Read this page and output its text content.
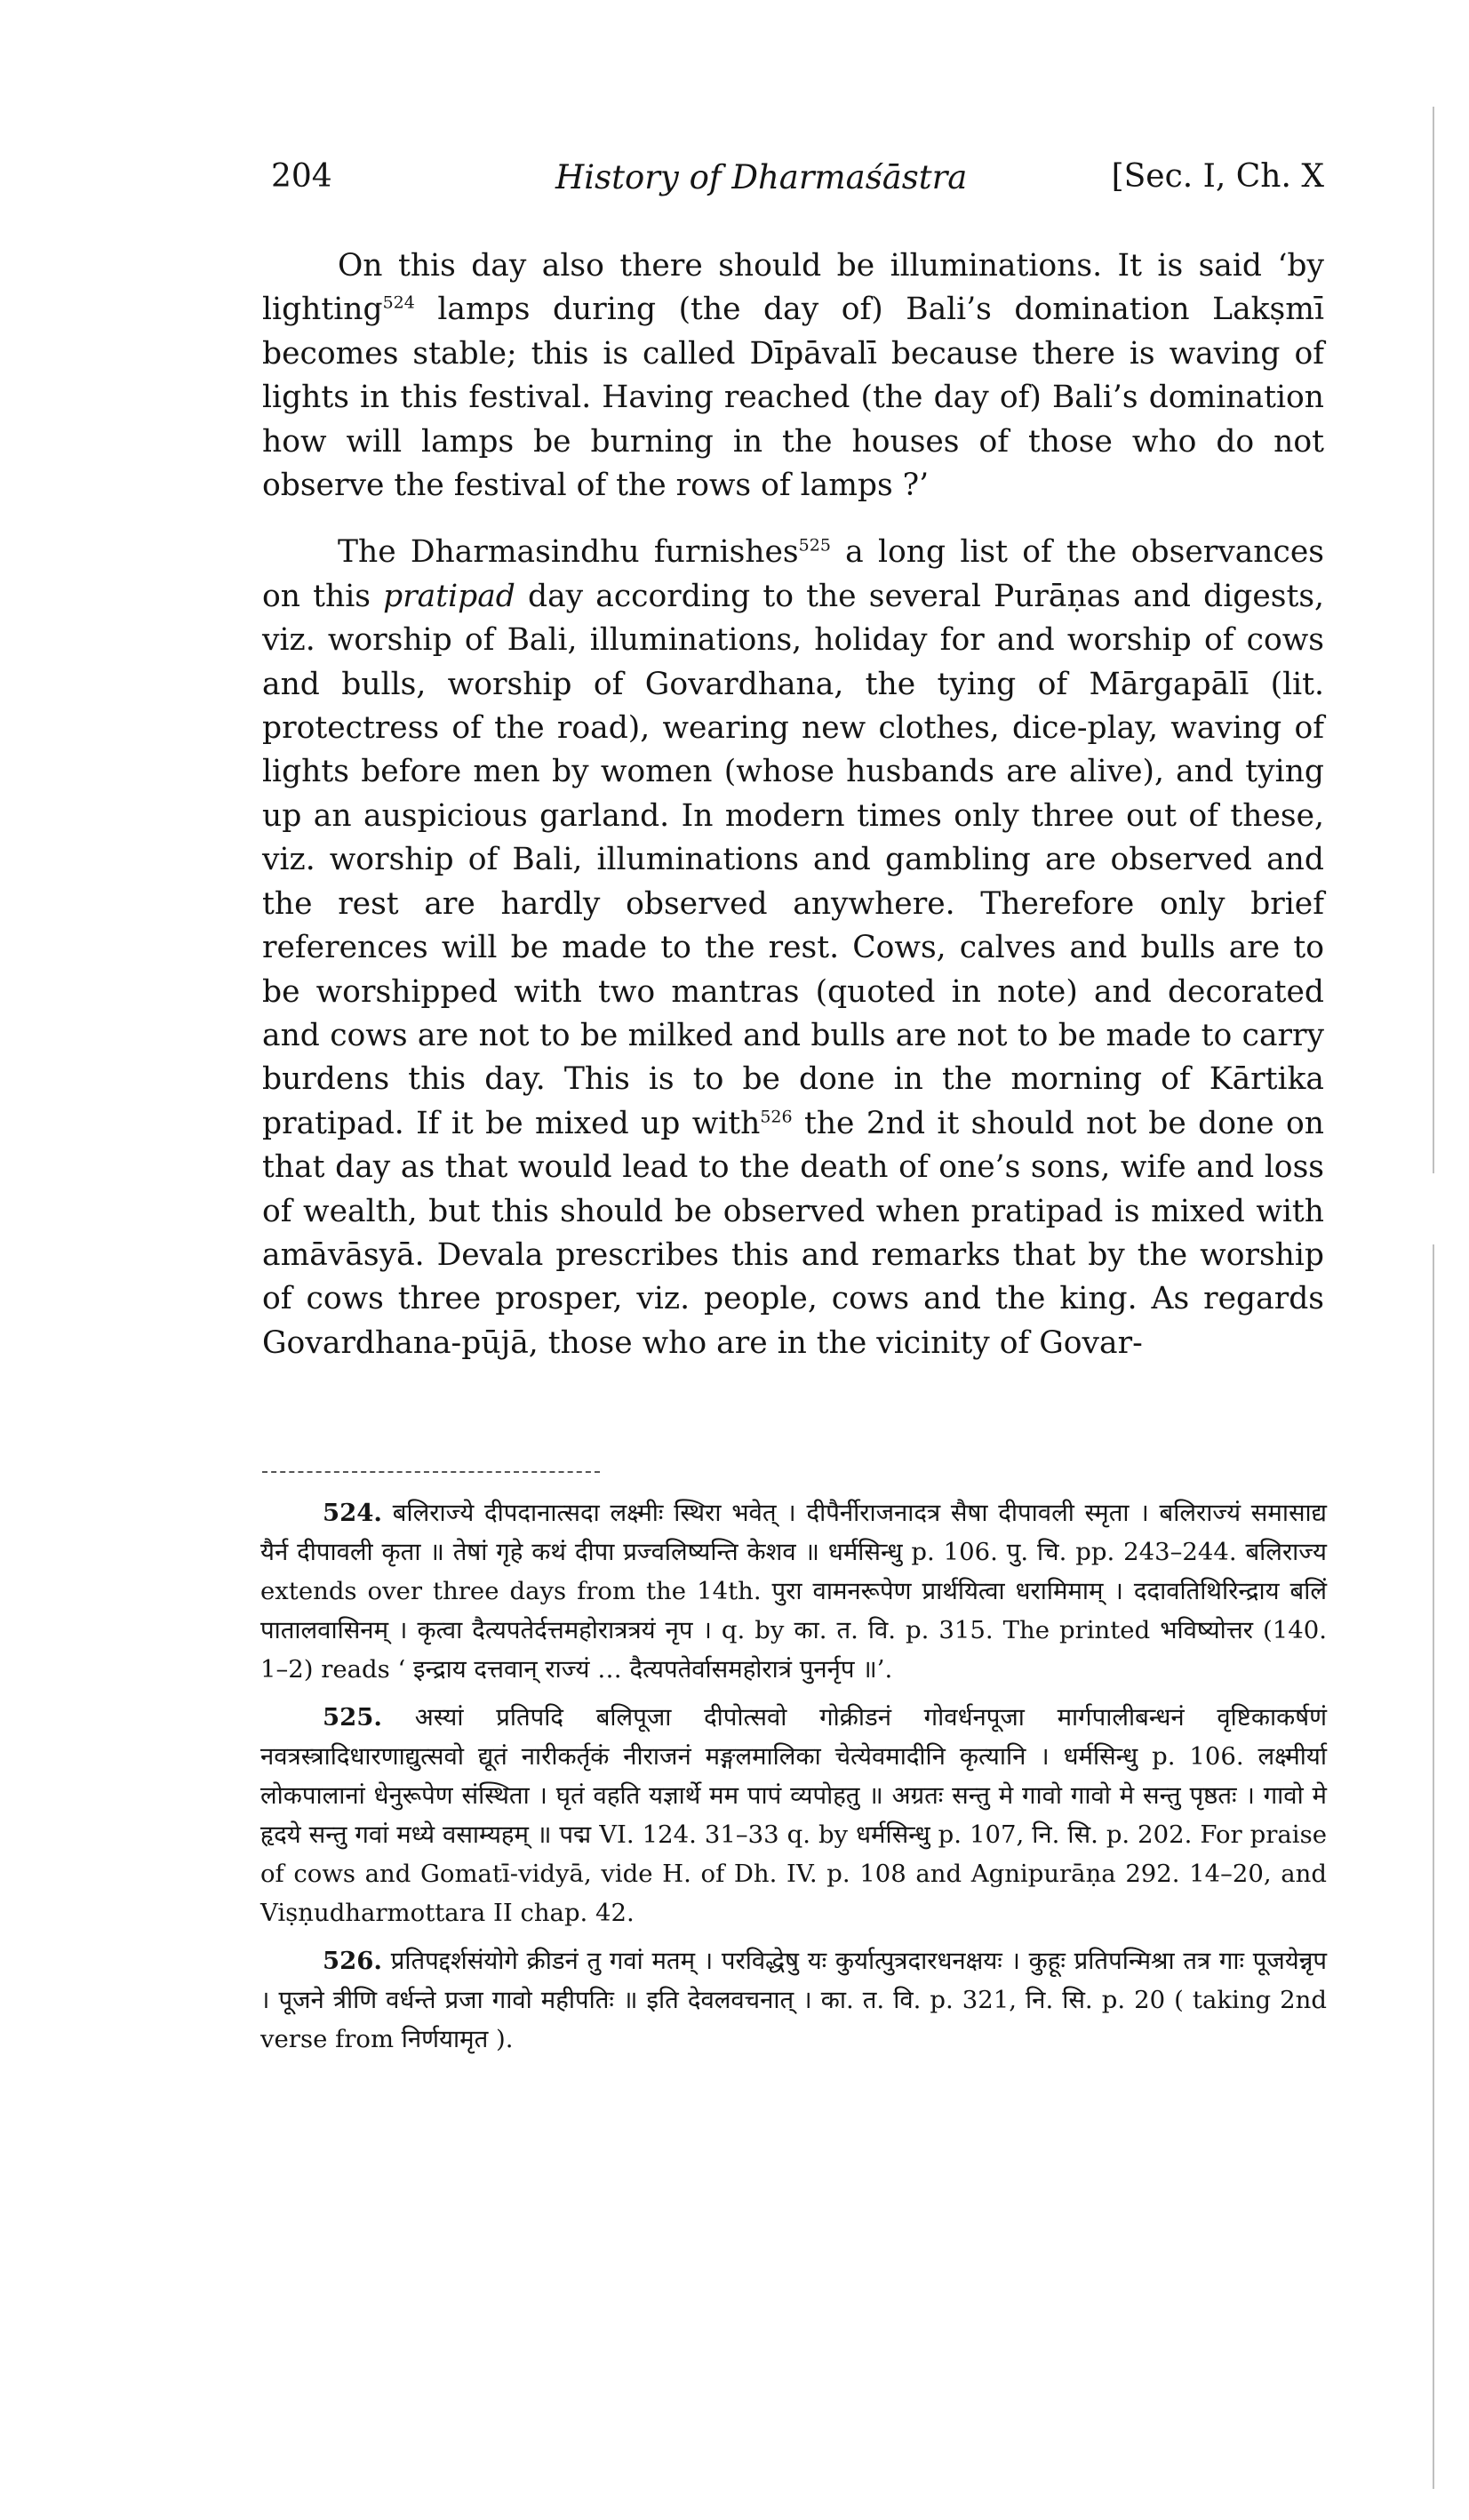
204	History of Dharmaśāstra	[Sec. I, Ch. X

On this day also there should be illuminations. It is said ‘by lighting$^{524}$ lamps during (the day of) Bali’s domination Lakṣmī becomes stable; this is called Dīpāvalī because there is waving of lights in this festival. Having reached (the day of) Bali’s domination how will lamps be burning in the houses of those who do not observe the festival of the rows of lamps ?’

The Dharmasindhu furnishes$^{525}$ a long list of the observances on this pratipad day according to the several Purāṇas and digests, viz. worship of Bali, illuminations, holiday for and worship of cows and bulls, worship of Govardhana, the tying of Mārgapālī (lit. protectress of the road), wearing new clothes, dice-play, waving of lights before men by women (whose husbands are alive), and tying up an auspicious garland. In modern times only three out of these, viz. worship of Bali, illuminations and gambling are observed and the rest are hardly observed anywhere. Therefore only brief references will be made to the rest. Cows, calves and bulls are to be worshipped with two mantras (quoted in note) and decorated and cows are not to be milked and bulls are not to be made to carry burdens this day. This is to be done in the morning of Kārtika pratipad. If it be mixed up with$^{526}$ the 2nd it should not be done on that day as that would lead to the death of one’s sons, wife and loss of wealth, but this should be observed when pratipad is mixed with amāvāsyā. Devala prescribes this and remarks that by the worship of cows three prosper, viz. people, cows and the king. As regards Govardhana-pūjā, those who are in the vicinity of Govar-

524. बलिराज्ये दीपदानात्सदा लक्ष्मीः स्थिरा भवेत् । दीपैर्नीराजनादत्र सैषा दीपावली स्मृता । बलिराज्यं समासाद्य यैर्न दीपावली कृता ॥ तेषां गृहे कथं दीपा प्रज्वलिष्यन्ति केशव ॥ धर्मसिन्धु p. 106. पु. चि. pp. 243–244. बलिराज्य extends over three days from the 14th. पुरा वामनरूपेण प्रार्थयित्वा धरामिमाम् । ददावतिथिरिन्द्राय बलिं पातालवासिनम् । कृत्वा दैत्यपतेर्दत्तमहोरात्रत्रयं नृप । q. by का. त. वि. p. 315. The printed भविष्योत्तर (140. 1–2) reads ‘ इन्द्राय दत्तवान् राज्यं … दैत्यपतेर्वासमहोरात्रं पुनर्नृप ॥’.

525. अस्यां प्रतिपदि बलिपूजा दीपोत्सवो गोक्रीडनं गोवर्धनपूजा मार्गपालीबन्धनं वृष्टिकाकर्षणं नवत्रस्त्रादिधारणाद्युत्सवो द्यूतं नारीकर्तृकं नीराजनं मङ्गलमालिका चेत्येवमादीनि कृत्यानि । धर्मसिन्धु p. 106. लक्ष्मीर्या लोकपालानां धेनुरूपेण संस्थिता । घृतं वहति यज्ञार्थे मम पापं व्यपोहतु ॥ अग्रतः सन्तु मे गावो गावो मे सन्तु पृष्ठतः । गावो मे हृदये सन्तु गवां मध्ये वसाम्यहम् ॥ पद्म VI. 124. 31–33 q. by धर्मसिन्धु p. 107, नि. सि. p. 202. For praise of cows and Gomatī-vidyā, vide H. of Dh. IV. p. 108 and Agnipurāṇa 292. 14–20, and Viṣṇudharmottara II chap. 42.

526. प्रतिपद्दर्शसंयोगे क्रीडनं तु गवां मतम् । परविद्धेषु यः कुर्यात्पुत्रदारधनक्षयः । कुहूः प्रतिपन्मिश्रा तत्र गाः पूजयेन्नृप । पूजने त्रीणि वर्धन्ते प्रजा गावो महीपतिः ॥ इति देवलवचनात् । का. त. वि. p. 321, नि. सि. p. 20 ( taking 2nd verse from निर्णयामृत ).
